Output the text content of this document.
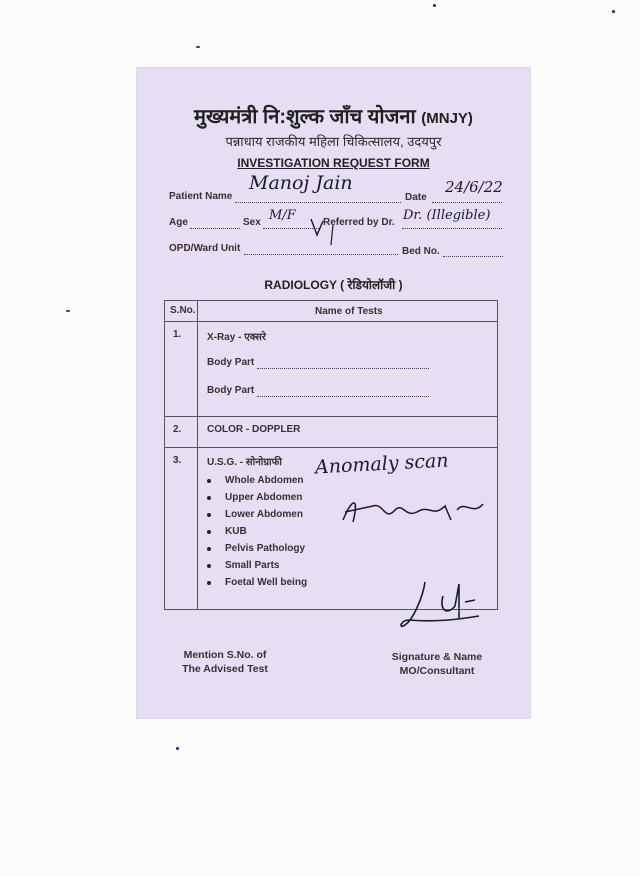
मुख्यमंत्री नि:शुल्क जाँच योजना (MNJY)
पन्नाधाय राजकीय महिला चिकित्सालय, उदयपुर
INVESTIGATION REQUEST FORM
Patient Name
Manoj Jain
Date
24/6/22
Age	Sex M/F	Referred by Dr. Dr. (Illegible)
OPD/Ward Unit	Bed No.
RADIOLOGY ( रेडियोलॉजी )
S.No.	Name of Tests
1.	X-Ray - एक्सरे
Body Part
Body Part
2.	COLOR - DOPPLER
3.	U.S.G. - सोनोग्राफी
Whole Abdomen
Upper Abdomen
Lower Abdomen
KUB
Pelvis Pathology
Small Parts
Foetal Well being
Anomaly scan
Mention S.No. of
The Advised Test
Signature & Name
MO/Consultant
